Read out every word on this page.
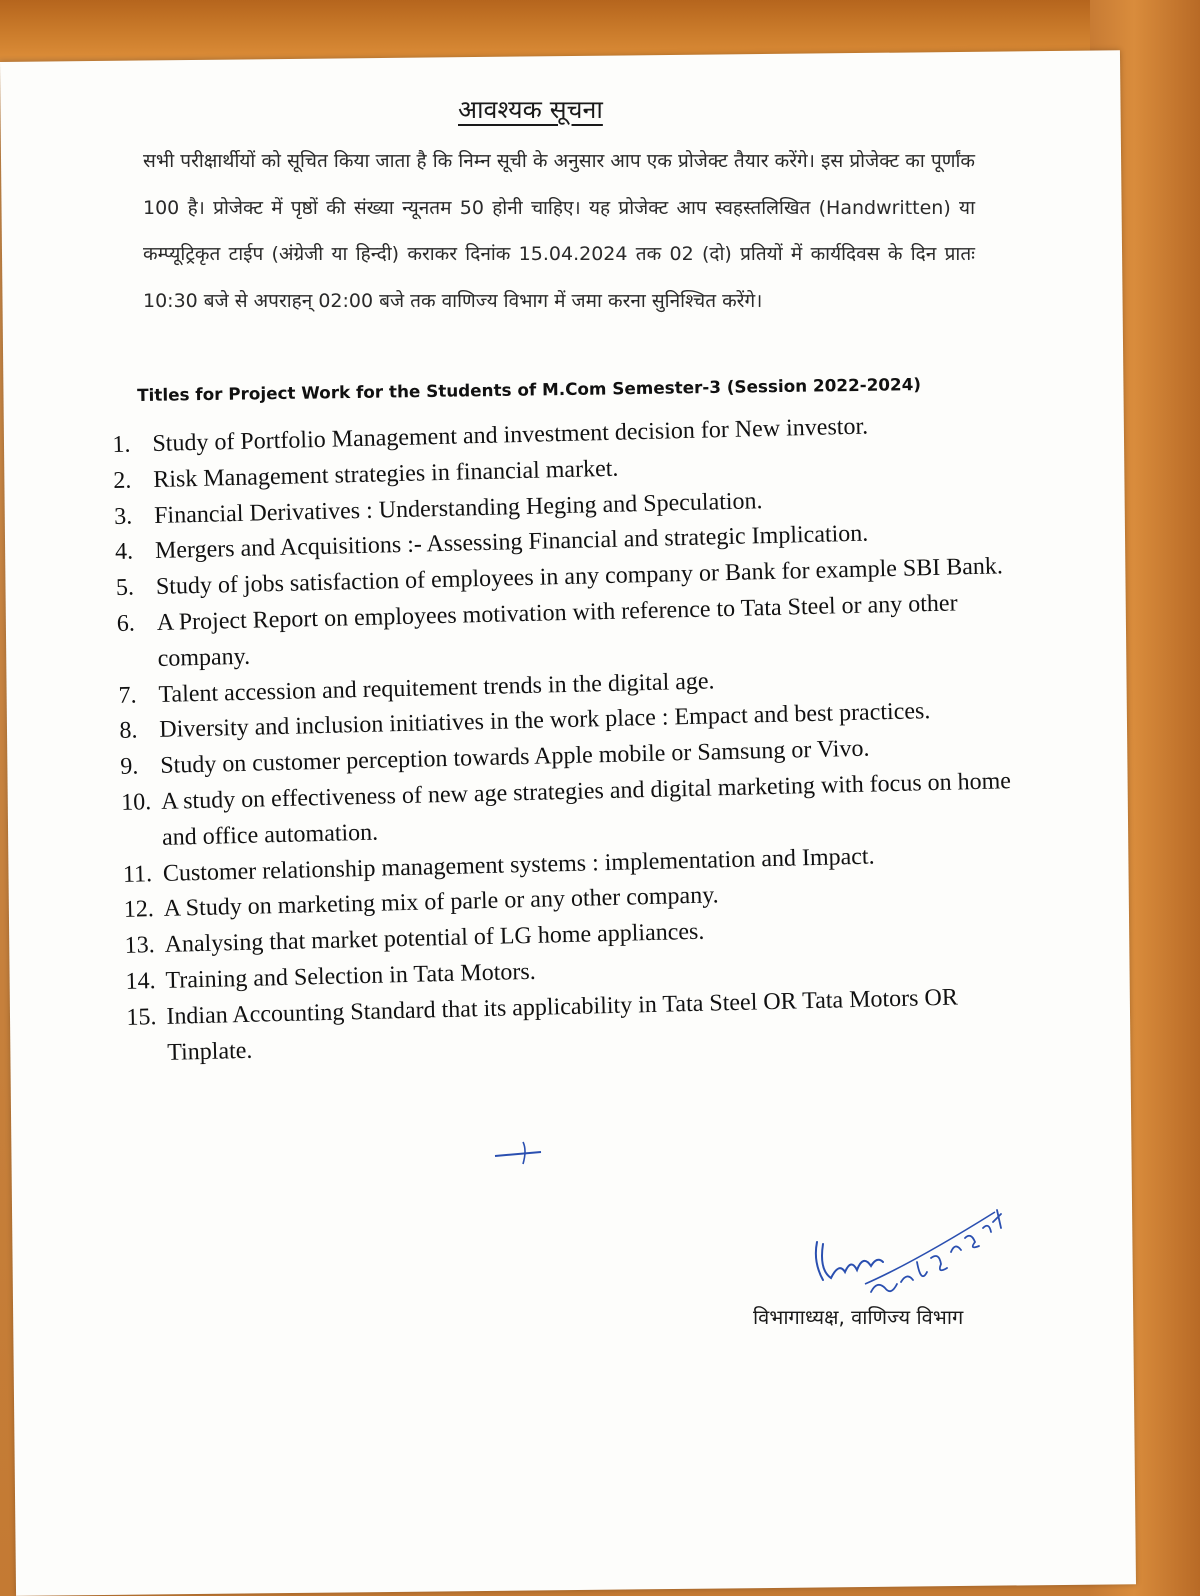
आवश्यक सूचना
सभी परीक्षार्थीयों को सूचित किया जाता है कि निम्न सूची के अनुसार आप एक प्रोजेक्ट तैयार करेंगे। इस प्रोजेक्ट का पूर्णांक 100 है। प्रोजेक्ट में पृष्ठों की संख्या न्यूनतम 50 होनी चाहिए। यह प्रोजेक्ट आप स्वहस्तलिखित (Handwritten) या कम्प्यूट्रिकृत टाईप (अंग्रेजी या हिन्दी) कराकर दिनांक 15.04.2024 तक 02 (दो) प्रतियों में कार्यदिवस के दिन प्रातः 10:30 बजे से अपराहन् 02:00 बजे तक वाणिज्य विभाग में जमा करना सुनिश्चित करेंगे।
Titles for Project Work for the Students of M.Com Semester-3 (Session 2022-2024)
1. Study of Portfolio Management and investment decision for New investor.
2. Risk Management strategies in financial market.
3. Financial Derivatives : Understanding Heging and Speculation.
4. Mergers and Acquisitions :- Assessing Financial and strategic Implication.
5. Study of jobs satisfaction of employees in any company or Bank for example SBI Bank.
6. A Project Report on employees motivation with reference to Tata Steel or any other company.
7. Talent accession and requitement trends in the digital age.
8. Diversity and inclusion initiatives in the work place : Empact and best practices.
9. Study on customer perception towards Apple mobile or Samsung or Vivo.
10. A study on effectiveness of new age strategies and digital marketing with focus on home and office automation.
11. Customer relationship management systems : implementation and Impact.
12. A Study on marketing mix of parle or any other company.
13. Analysing that market potential of LG home appliances.
14. Training and Selection in Tata Motors.
15. Indian Accounting Standard that its applicability in Tata Steel OR Tata Motors OR Tinplate.
विभागाध्यक्ष, वाणिज्य विभाग
